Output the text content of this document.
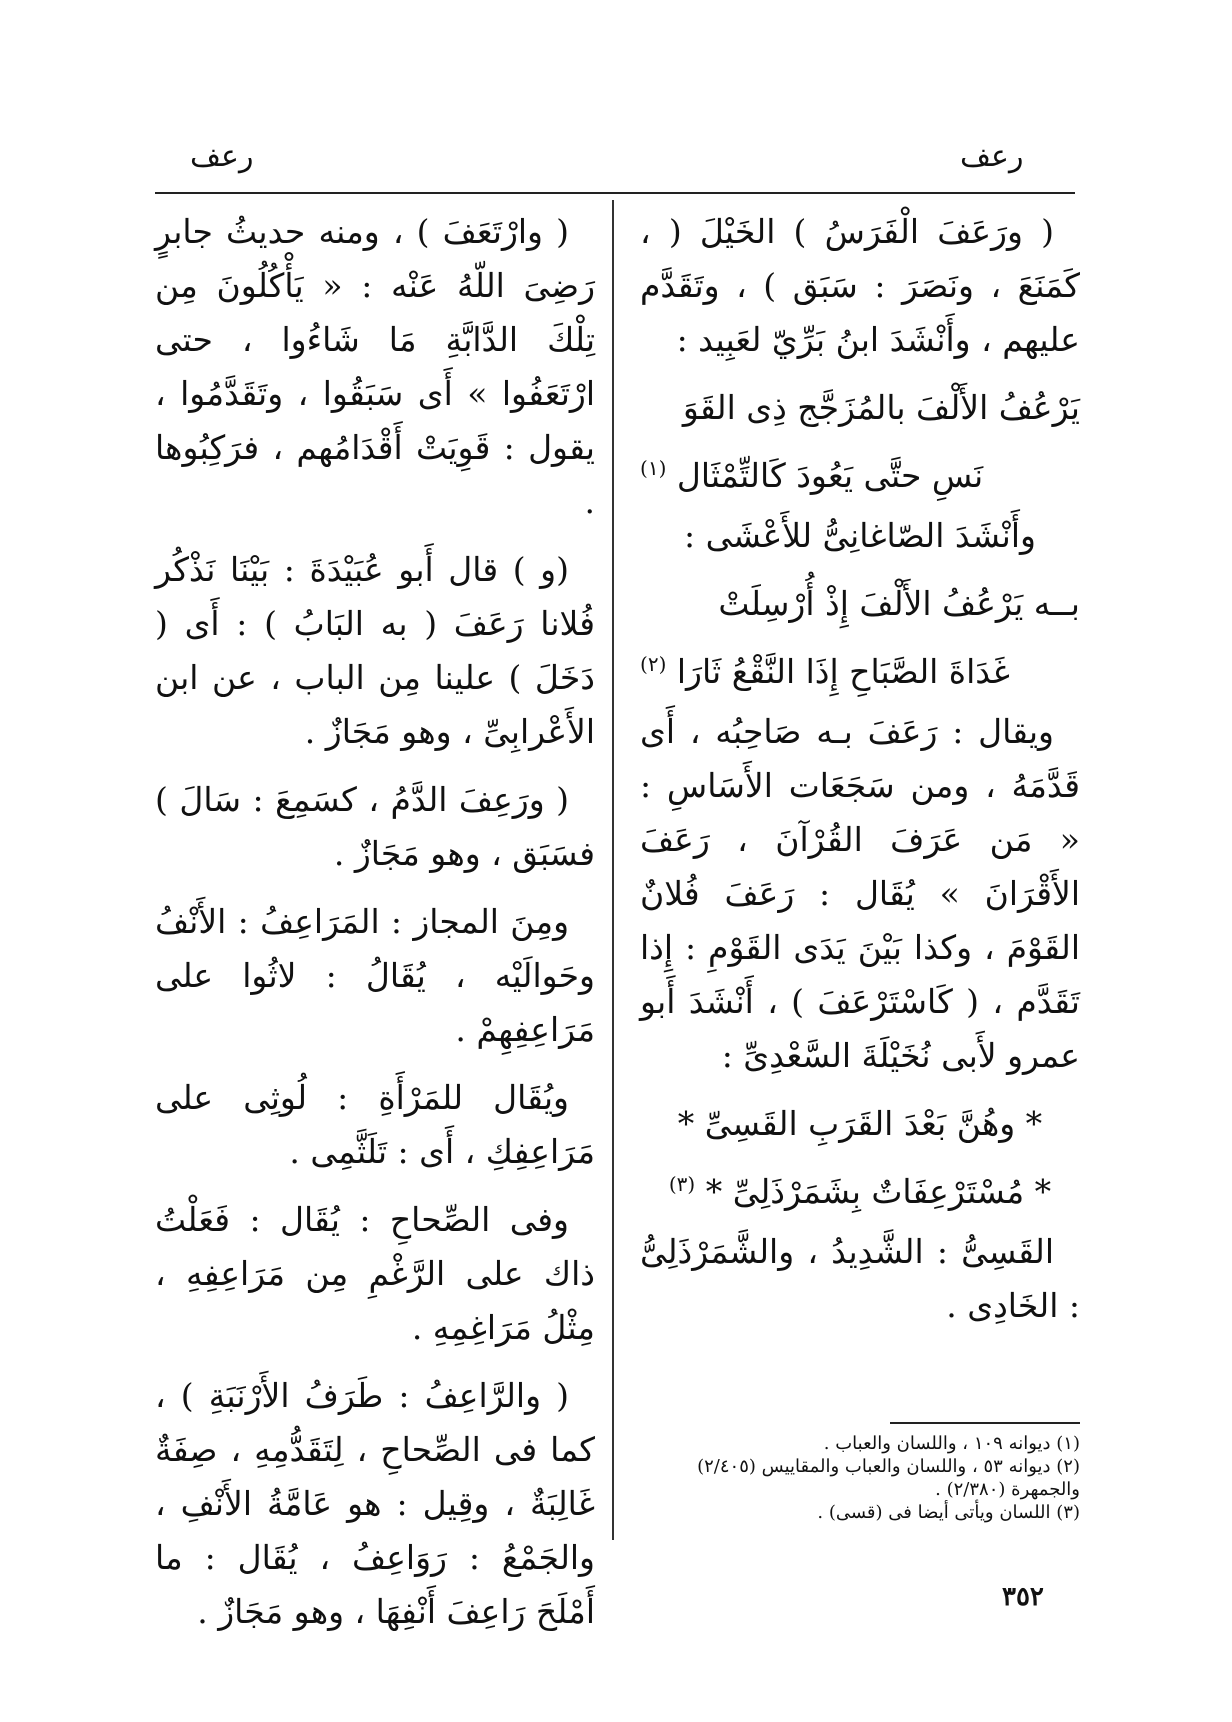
رعف
رعف

( ورَعَفَ الْفَرَسُ ) الخَيْلَ ( ، كَمَنَعَ ، ونَصَرَ : سَبَق ) ، وتَقَدَّم عليهم ، وأَنْشَدَ ابنُ بَرِّيّ لعَبِيد :

يَرْعُفُ الأَلْفَ بالمُزَجَّج ذِى القَوَ
نَسِ حتَّى يَعُودَ كَالتِّمْثَال $^{(١)}$

وأَنْشَدَ الصّاغانِىُّ للأَعْشَى :

بــه يَرْعُفُ الأَلْفَ إِذْ أُرْسِلَتْ
غَدَاةَ الصَّبَاحِ إِذَا النَّقْعُ ثَارَا $^{(٢)}$

ويقال : رَعَفَ بـه صَاحِبُه ، أَى قَدَّمَهُ ، ومن سَجَعَات الأَسَاسِ : « مَن عَرَفَ القُرْآنَ ، رَعَفَ الأَقْرَانَ » يُقَال : رَعَفَ فُلانٌ القَوْمَ ، وكذا بَيْنَ يَدَى القَوْمِ : إِذا تَقَدَّم ، ( كَاسْتَرْعَفَ ) ، أَنْشَدَ أَبو عمرو لأَبى نُخَيْلَةَ السَّعْدِىِّ :

* وهُنَّ بَعْدَ القَرَبِ القَسِىِّ *
* مُسْتَرْعِفَاتٌ بِشَمَرْذَلِىِّ * $^{(٣)}$

القَسِىُّ : الشَّدِيدُ ، والشَّمَرْذَلِىُّ : الخَادِى .

( وارْتَعَفَ ) ، ومنه حديثُ جابرٍ رَضِىَ اللّهُ عَنْه : « يَأْكُلُونَ مِن تِلْكَ الدَّابَّةِ مَا شَاءُوا ، حتى ارْتَعَفُوا » أَى سَبَقُوا ، وتَقَدَّمُوا ، يقول : قَوِيَتْ أَقْدَامُهم ، فرَكِبُوها .

(و ) قال أَبو عُبَيْدَةَ : بَيْنَا نَذْكُر فُلانا رَعَفَ ( به البَابُ ) : أَى ( دَخَلَ ) علينا مِن الباب ، عن ابن الأَعْرابِىِّ ، وهو مَجَازٌ .

( ورَعِفَ الدَّمُ ، كسَمِعَ : سَالَ ) فسَبَق ، وهو مَجَازٌ .

ومِنَ المجاز : المَرَاعِفُ : الأَنْفُ وحَوالَيْه ، يُقَالُ : لاثُوا على مَرَاعِفِهِمْ .

ويُقَال للمَرْأَةِ : لُوثِى على مَرَاعِفِكِ ، أَى : تَلَثَّمِى .

وفى الصِّحاحِ : يُقَال : فَعَلْتُ ذاك على الرَّغْمِ مِن مَرَاعِفِهِ ، مِثْلُ مَرَاغِمِهِ .

( والرَّاعِفُ : طَرَفُ الأَرْنَبَةِ ) ، كما فى الصِّحاحِ ، لِتَقَدُّمِهِ ، صِفَةٌ غَالِبَةٌ ، وقِيل : هو عَامَّةُ الأَنْفِ ، والجَمْعُ : رَوَاعِفُ ، يُقَال : ما أَمْلَحَ رَاعِفَ أَنْفِهَا ، وهو مَجَازٌ .

(١) ديوانه ١٠٩ ، واللسان والعباب .
(٢) ديوانه ٥٣ ، واللسان والعباب والمقاييس (٢/٤٠٥) والجمهرة (٢/٣٨٠) .
(٣) اللسان ويأتى أيضا فى (قسى) .
٣٥٢
